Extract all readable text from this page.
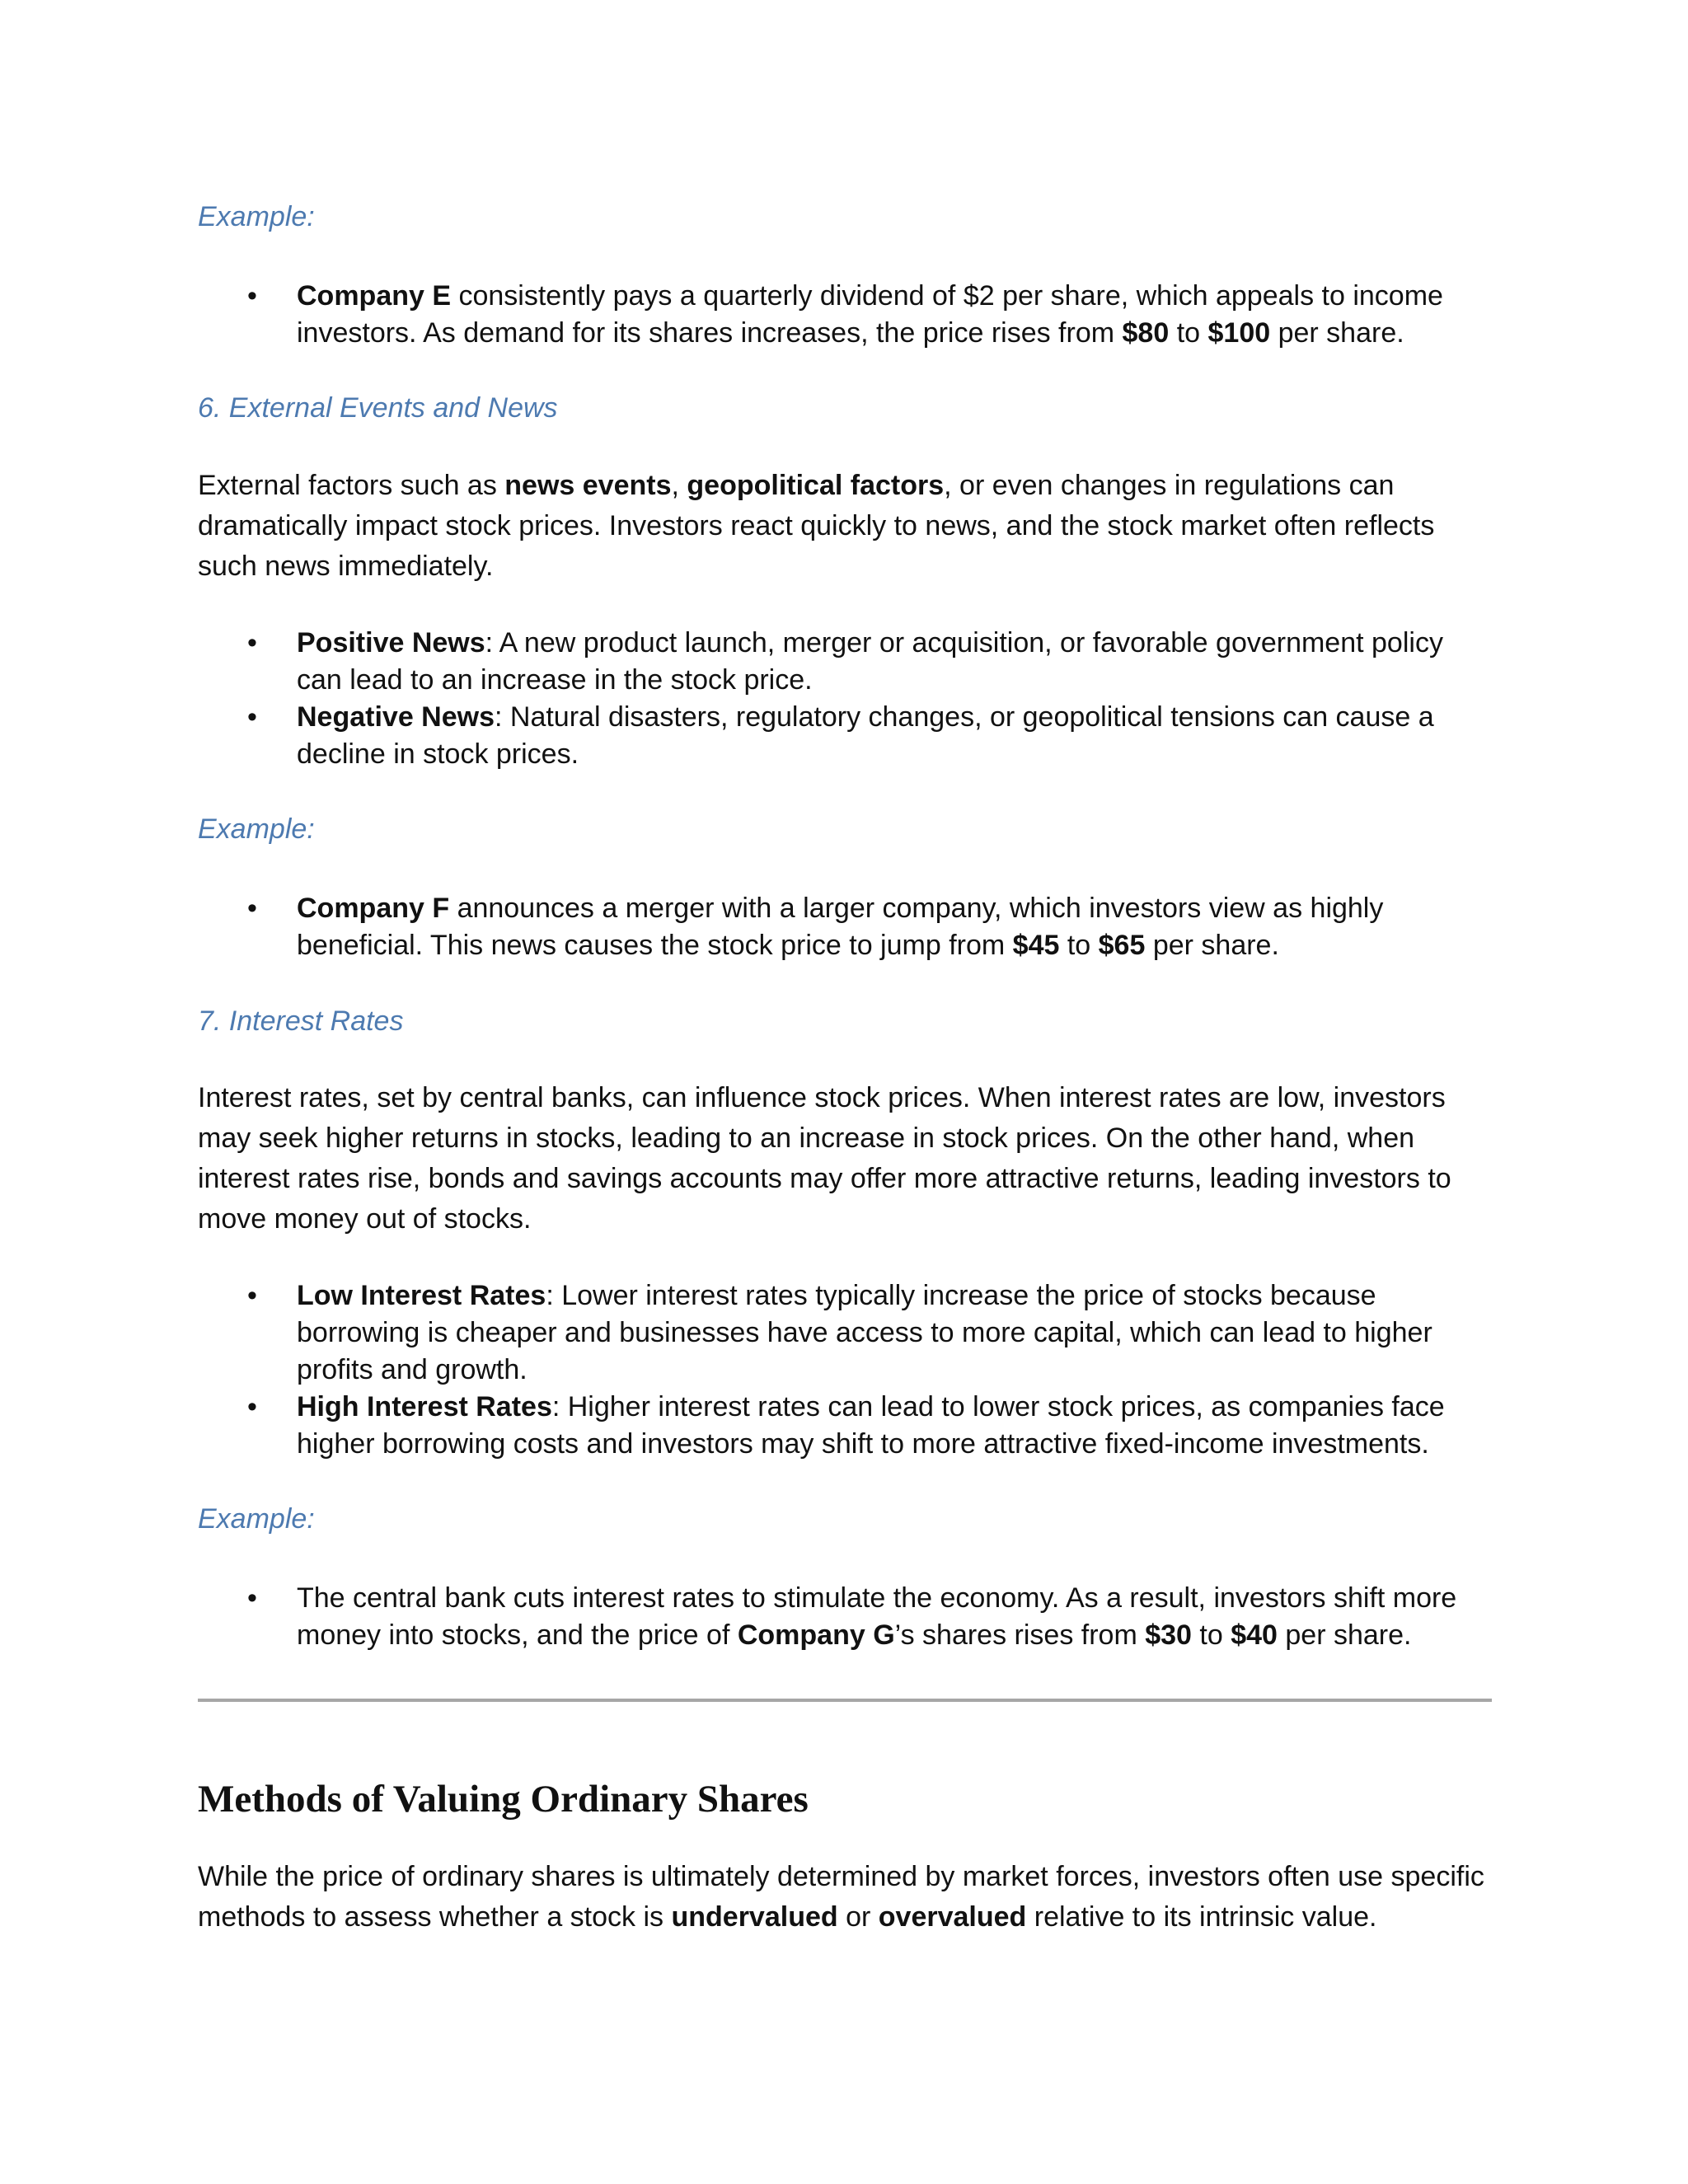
Example:
•	Company E consistently pays a quarterly dividend of $2 per share, which appeals to income investors. As demand for its shares increases, the price rises from $80 to $100 per share.
6. External Events and News
External factors such as news events, geopolitical factors, or even changes in regulations can dramatically impact stock prices. Investors react quickly to news, and the stock market often reflects such news immediately.
•	Positive News: A new product launch, merger or acquisition, or favorable government policy can lead to an increase in the stock price.
•	Negative News: Natural disasters, regulatory changes, or geopolitical tensions can cause a decline in stock prices.
Example:
•	Company F announces a merger with a larger company, which investors view as highly beneficial. This news causes the stock price to jump from $45 to $65 per share.
7. Interest Rates
Interest rates, set by central banks, can influence stock prices. When interest rates are low, investors may seek higher returns in stocks, leading to an increase in stock prices. On the other hand, when interest rates rise, bonds and savings accounts may offer more attractive returns, leading investors to move money out of stocks.
•	Low Interest Rates: Lower interest rates typically increase the price of stocks because borrowing is cheaper and businesses have access to more capital, which can lead to higher profits and growth.
•	High Interest Rates: Higher interest rates can lead to lower stock prices, as companies face higher borrowing costs and investors may shift to more attractive fixed-income investments.
Example:
•	The central bank cuts interest rates to stimulate the economy. As a result, investors shift more money into stocks, and the price of Company G’s shares rises from $30 to $40 per share.
Methods of Valuing Ordinary Shares
While the price of ordinary shares is ultimately determined by market forces, investors often use specific methods to assess whether a stock is undervalued or overvalued relative to its intrinsic value.
